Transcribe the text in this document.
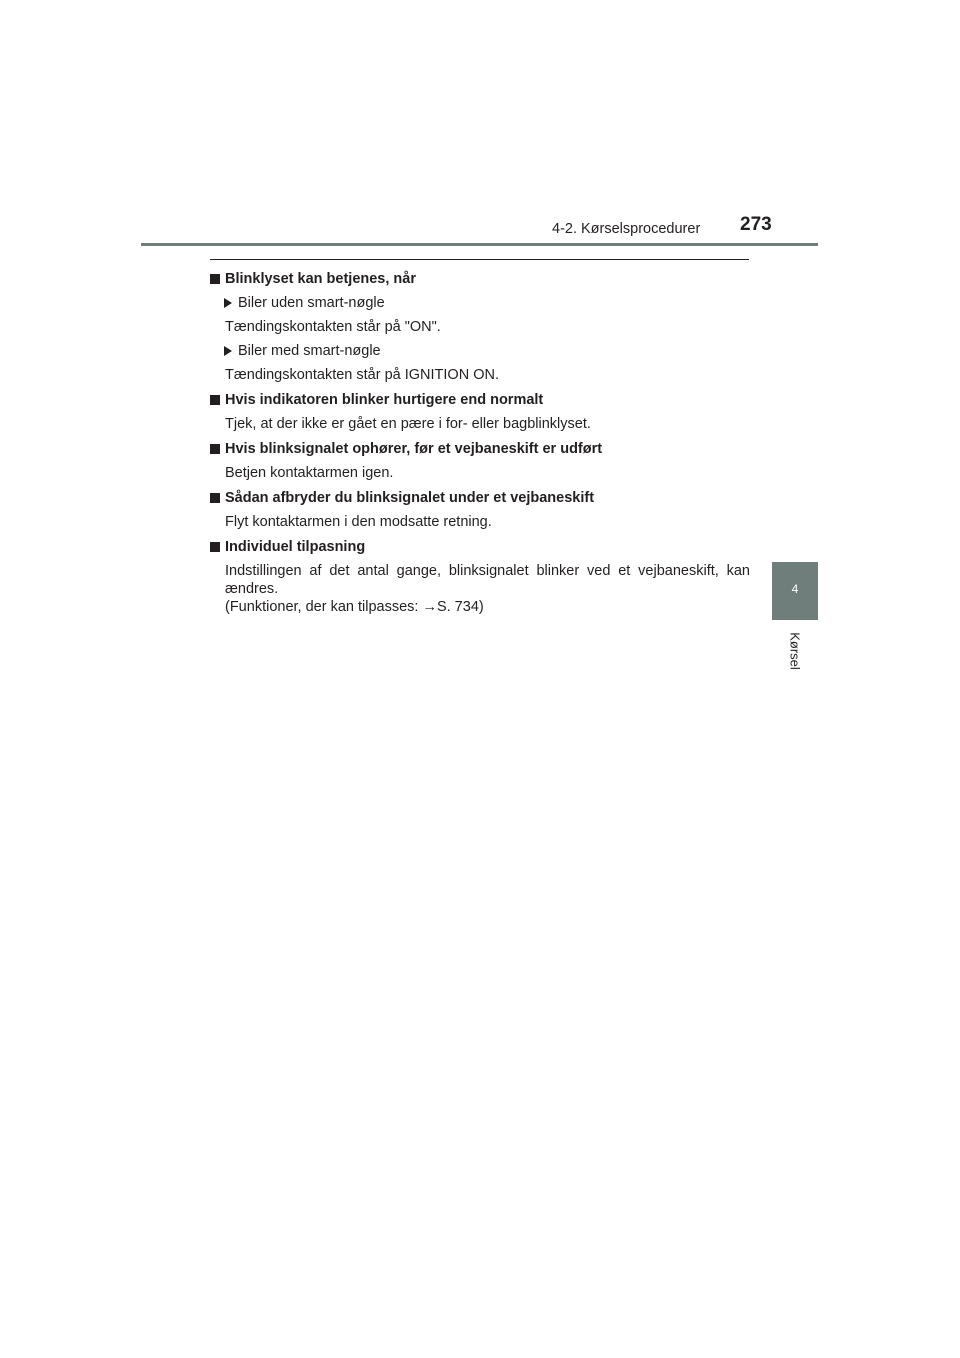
4-2. Kørselsprocedurer 273
4
Kørsel
Blinklyset kan betjenes, når
Biler uden smart-nøgle
Tændingskontakten står på "ON".
Biler med smart-nøgle
Tændingskontakten står på IGNITION ON.
Hvis indikatoren blinker hurtigere end normalt
Tjek, at der ikke er gået en pære i for- eller bagblinklyset.
Hvis blinksignalet ophører, før et vejbaneskift er udført
Betjen kontaktarmen igen.
Sådan afbryder du blinksignalet under et vejbaneskift
Flyt kontaktarmen i den modsatte retning.
Individuel tilpasning
Indstillingen af det antal gange, blinksignalet blinker ved et vejbaneskift, kan ændres.
(Funktioner, der kan tilpasses: →S. 734)
